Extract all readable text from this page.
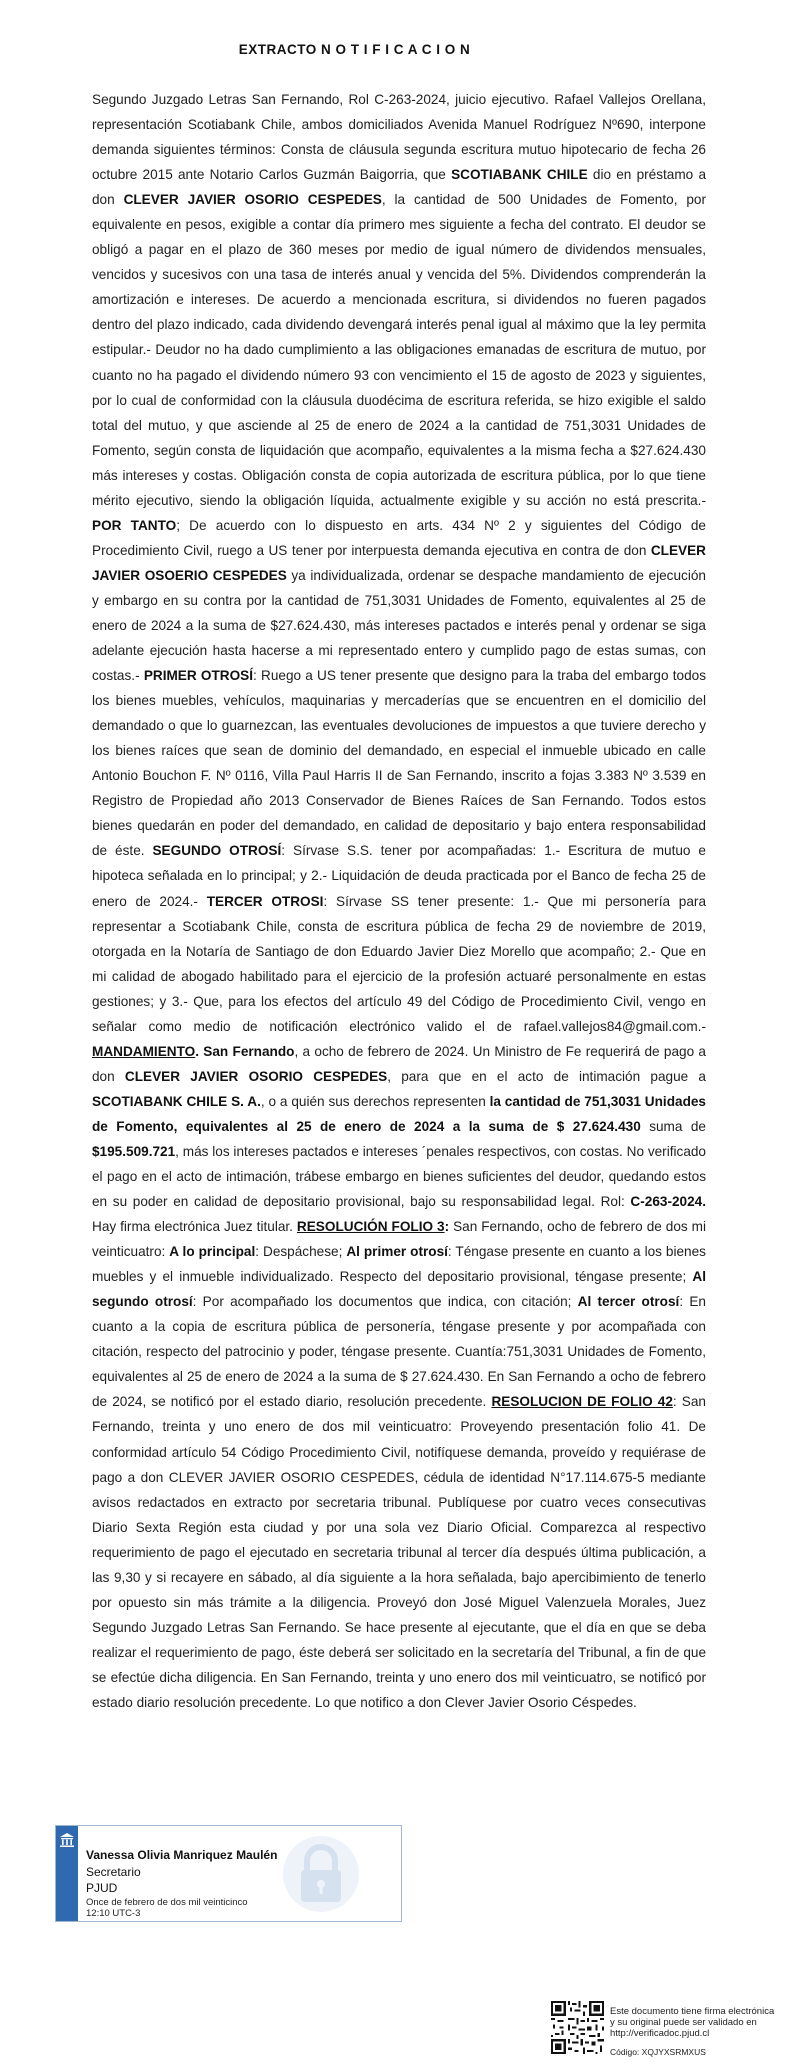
EXTRACTO N O T I F I C A C I O N
Segundo Juzgado Letras San Fernando, Rol C-263-2024, juicio ejecutivo. Rafael Vallejos Orellana, representación Scotiabank Chile, ambos domiciliados Avenida Manuel Rodríguez Nº690, interpone demanda siguientes términos: Consta de cláusula segunda escritura mutuo hipotecario de fecha 26 octubre 2015 ante Notario Carlos Guzmán Baigorria, que SCOTIABANK CHILE dio en préstamo a don CLEVER JAVIER OSORIO CESPEDES, la cantidad de 500 Unidades de Fomento, por equivalente en pesos, exigible a contar día primero mes siguiente a fecha del contrato. El deudor se obligó a pagar en el plazo de 360 meses por medio de igual número de dividendos mensuales, vencidos y sucesivos con una tasa de interés anual y vencida del 5%. Dividendos comprenderán la amortización e intereses. De acuerdo a mencionada escritura, si dividendos no fueren pagados dentro del plazo indicado, cada dividendo devengará interés penal igual al máximo que la ley permita estipular.- Deudor no ha dado cumplimiento a las obligaciones emanadas de escritura de mutuo, por cuanto no ha pagado el dividendo número 93 con vencimiento el 15 de agosto de 2023 y siguientes, por lo cual de conformidad con la cláusula duodécima de escritura referida, se hizo exigible el saldo total del mutuo, y que asciende al 25 de enero de 2024 a la cantidad de 751,3031 Unidades de Fomento, según consta de liquidación que acompaño, equivalentes a la misma fecha a $27.624.430 más intereses y costas. Obligación consta de copia autorizada de escritura pública, por lo que tiene mérito ejecutivo, siendo la obligación líquida, actualmente exigible y su acción no está prescrita.- POR TANTO; De acuerdo con lo dispuesto en arts. 434 Nº 2 y siguientes del Código de Procedimiento Civil, ruego a US tener por interpuesta demanda ejecutiva en contra de don CLEVER JAVIER OSOERIO CESPEDES ya individualizada, ordenar se despache mandamiento de ejecución y embargo en su contra por la cantidad de 751,3031 Unidades de Fomento, equivalentes al 25 de enero de 2024 a la suma de $27.624.430, más intereses pactados e interés penal y ordenar se siga adelante ejecución hasta hacerse a mi representado entero y cumplido pago de estas sumas, con costas.- PRIMER OTROSÍ: Ruego a US tener presente que designo para la traba del embargo todos los bienes muebles, vehículos, maquinarias y mercaderías que se encuentren en el domicilio del demandado o que lo guarnezcan, las eventuales devoluciones de impuestos a que tuviere derecho y los bienes raíces que sean de dominio del demandado, en especial el inmueble ubicado en calle Antonio Bouchon F. Nº 0116, Villa Paul Harris II de San Fernando, inscrito a fojas 3.383 Nº 3.539 en Registro de Propiedad año 2013 Conservador de Bienes Raíces de San Fernando. Todos estos bienes quedarán en poder del demandado, en calidad de depositario y bajo entera responsabilidad de éste. SEGUNDO OTROSÍ: Sírvase S.S. tener por acompañadas: 1.- Escritura de mutuo e hipoteca señalada en lo principal; y 2.- Liquidación de deuda practicada por el Banco de fecha 25 de enero de 2024.- TERCER OTROSI: Sírvase SS tener presente: 1.- Que mi personería para representar a Scotiabank Chile, consta de escritura pública de fecha 29 de noviembre de 2019, otorgada en la Notaría de Santiago de don Eduardo Javier Diez Morello que acompaño; 2.- Que en mi calidad de abogado habilitado para el ejercicio de la profesión actuaré personalmente en estas gestiones; y 3.- Que, para los efectos del artículo 49 del Código de Procedimiento Civil, vengo en señalar como medio de notificación electrónico valido el de rafael.vallejos84@gmail.com.- MANDAMIENTO. San Fernando, a ocho de febrero de 2024. Un Ministro de Fe requerirá de pago a don CLEVER JAVIER OSORIO CESPEDES, para que en el acto de intimación pague a SCOTIABANK CHILE S. A., o a quién sus derechos representen la cantidad de 751,3031 Unidades de Fomento, equivalentes al 25 de enero de 2024 a la suma de $ 27.624.430 suma de $195.509.721, más los intereses pactados e intereses ´penales respectivos, con costas. No verificado el pago en el acto de intimación, trábese embargo en bienes suficientes del deudor, quedando estos en su poder en calidad de depositario provisional, bajo su responsabilidad legal. Rol: C-263-2024. Hay firma electrónica Juez titular. RESOLUCIÓN FOLIO 3: San Fernando, ocho de febrero de dos mi veinticuatro: A lo principal: Despáchese; Al primer otrosí: Téngase presente en cuanto a los bienes muebles y el inmueble individualizado. Respecto del depositario provisional, téngase presente; Al segundo otrosí: Por acompañado los documentos que indica, con citación; Al tercer otrosí: En cuanto a la copia de escritura pública de personería, téngase presente y por acompañada con citación, respecto del patrocinio y poder, téngase presente. Cuantía:751,3031 Unidades de Fomento, equivalentes al 25 de enero de 2024 a la suma de $ 27.624.430. En San Fernando a ocho de febrero de 2024, se notificó por el estado diario, resolución precedente. RESOLUCION DE FOLIO 42: San Fernando, treinta y uno enero de dos mil veinticuatro: Proveyendo presentación folio 41. De conformidad artículo 54 Código Procedimiento Civil, notifíquese demanda, proveído y requiérase de pago a don CLEVER JAVIER OSORIO CESPEDES, cédula de identidad N°17.114.675-5 mediante avisos redactados en extracto por secretaria tribunal. Publíquese por cuatro veces consecutivas Diario Sexta Región esta ciudad y por una sola vez Diario Oficial. Comparezca al respectivo requerimiento de pago el ejecutado en secretaria tribunal al tercer día después última publicación, a las 9,30 y si recayere en sábado, al día siguiente a la hora señalada, bajo apercibimiento de tenerlo por opuesto sin más trámite a la diligencia. Proveyó don José Miguel Valenzuela Morales, Juez Segundo Juzgado Letras San Fernando. Se hace presente al ejecutante, que el día en que se deba realizar el requerimiento de pago, éste deberá ser solicitado en la secretaría del Tribunal, a fin de que se efectúe dicha diligencia. En San Fernando, treinta y uno enero dos mil veinticuatro, se notificó por estado diario resolución precedente. Lo que notifico a don Clever Javier Osorio Céspedes.
Vanessa Olivia Manriquez Maulén
Secretario
PJUD
Once de febrero de dos mil veinticinco
12:10 UTC-3
Este documento tiene firma electrónica
y su original puede ser validado en
http://verificadoc.pjud.cl
Código: XQJYXSRMXUS
